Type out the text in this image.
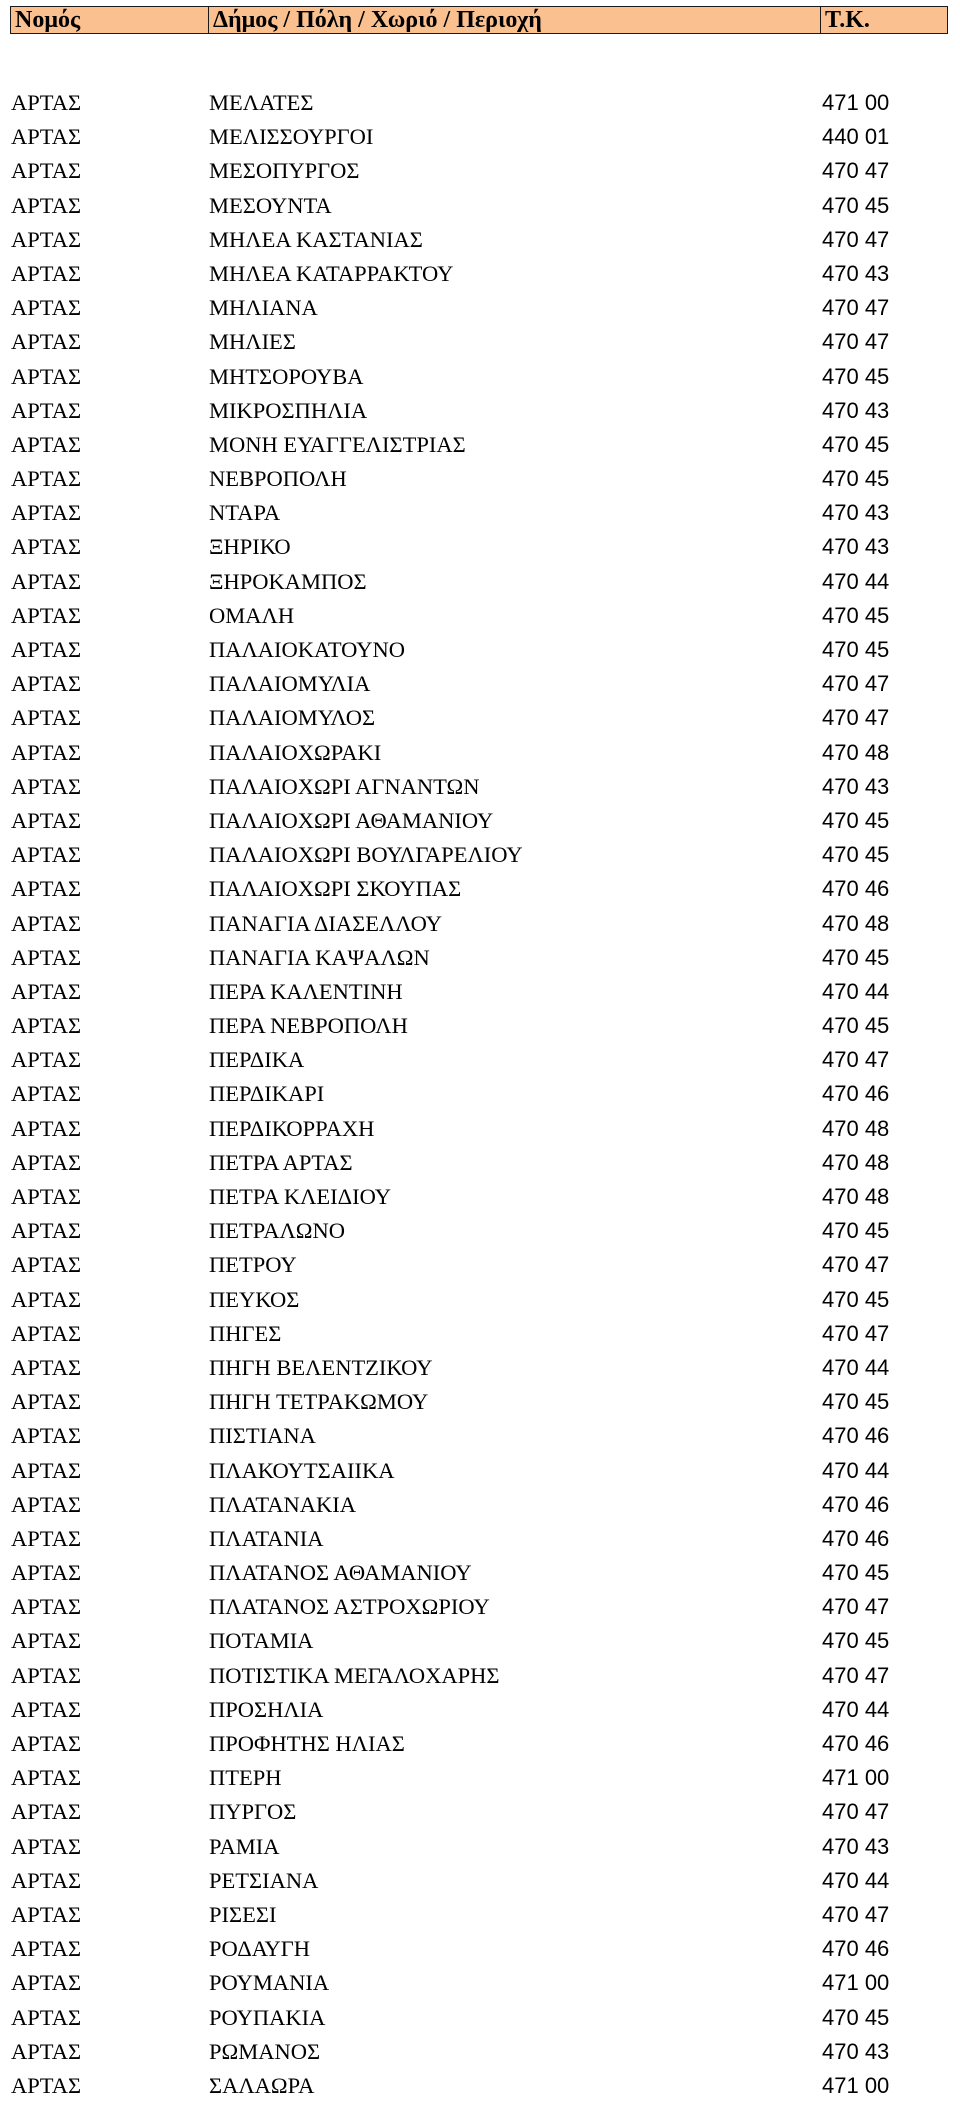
Νομός	Δήμος / Πόλη / Χωριό / Περιοχή	Τ.Κ.
ΑΡΤΑΣ	ΜΕΛΑΤΕΣ	471 00
ΑΡΤΑΣ	ΜΕΛΙΣΣΟΥΡΓΟΙ	440 01
ΑΡΤΑΣ	ΜΕΣΟΠΥΡΓΟΣ	470 47
ΑΡΤΑΣ	ΜΕΣΟΥΝΤΑ	470 45
ΑΡΤΑΣ	ΜΗΛΕΑ ΚΑΣΤΑΝΙΑΣ	470 47
ΑΡΤΑΣ	ΜΗΛΕΑ ΚΑΤΑΡΡΑΚΤΟΥ	470 43
ΑΡΤΑΣ	ΜΗΛΙΑΝΑ	470 47
ΑΡΤΑΣ	ΜΗΛΙΕΣ	470 47
ΑΡΤΑΣ	ΜΗΤΣΟΡΟΥΒΑ	470 45
ΑΡΤΑΣ	ΜΙΚΡΟΣΠΗΛΙΑ	470 43
ΑΡΤΑΣ	ΜΟΝΗ ΕΥΑΓΓΕΛΙΣΤΡΙΑΣ	470 45
ΑΡΤΑΣ	ΝΕΒΡΟΠΟΛΗ	470 45
ΑΡΤΑΣ	ΝΤΑΡΑ	470 43
ΑΡΤΑΣ	ΞΗΡΙΚΟ	470 43
ΑΡΤΑΣ	ΞΗΡΟΚΑΜΠΟΣ	470 44
ΑΡΤΑΣ	ΟΜΑΛΗ	470 45
ΑΡΤΑΣ	ΠΑΛΑΙΟΚΑΤΟΥΝΟ	470 45
ΑΡΤΑΣ	ΠΑΛΑΙΟΜΥΛΙΑ	470 47
ΑΡΤΑΣ	ΠΑΛΑΙΟΜΥΛΟΣ	470 47
ΑΡΤΑΣ	ΠΑΛΑΙΟΧΩΡΑΚΙ	470 48
ΑΡΤΑΣ	ΠΑΛΑΙΟΧΩΡΙ ΑΓΝΑΝΤΩΝ	470 43
ΑΡΤΑΣ	ΠΑΛΑΙΟΧΩΡΙ ΑΘΑΜΑΝΙΟΥ	470 45
ΑΡΤΑΣ	ΠΑΛΑΙΟΧΩΡΙ ΒΟΥΛΓΑΡΕΛΙΟΥ	470 45
ΑΡΤΑΣ	ΠΑΛΑΙΟΧΩΡΙ ΣΚΟΥΠΑΣ	470 46
ΑΡΤΑΣ	ΠΑΝΑΓΙΑ ΔΙΑΣΕΛΛΟΥ	470 48
ΑΡΤΑΣ	ΠΑΝΑΓΙΑ ΚΑΨΑΛΩΝ	470 45
ΑΡΤΑΣ	ΠΕΡΑ ΚΑΛΕΝΤΙΝΗ	470 44
ΑΡΤΑΣ	ΠΕΡΑ ΝΕΒΡΟΠΟΛΗ	470 45
ΑΡΤΑΣ	ΠΕΡΔΙΚΑ	470 47
ΑΡΤΑΣ	ΠΕΡΔΙΚΑΡΙ	470 46
ΑΡΤΑΣ	ΠΕΡΔΙΚΟΡΡΑΧΗ	470 48
ΑΡΤΑΣ	ΠΕΤΡΑ ΑΡΤΑΣ	470 48
ΑΡΤΑΣ	ΠΕΤΡΑ ΚΛΕΙΔΙΟΥ	470 48
ΑΡΤΑΣ	ΠΕΤΡΑΛΩΝΟ	470 45
ΑΡΤΑΣ	ΠΕΤΡΟΥ	470 47
ΑΡΤΑΣ	ΠΕΥΚΟΣ	470 45
ΑΡΤΑΣ	ΠΗΓΕΣ	470 47
ΑΡΤΑΣ	ΠΗΓΗ ΒΕΛΕΝΤΖΙΚΟΥ	470 44
ΑΡΤΑΣ	ΠΗΓΗ ΤΕΤΡΑΚΩΜΟΥ	470 45
ΑΡΤΑΣ	ΠΙΣΤΙΑΝΑ	470 46
ΑΡΤΑΣ	ΠΛΑΚΟΥΤΣΑΙΙΚΑ	470 44
ΑΡΤΑΣ	ΠΛΑΤΑΝΑΚΙΑ	470 46
ΑΡΤΑΣ	ΠΛΑΤΑΝΙΑ	470 46
ΑΡΤΑΣ	ΠΛΑΤΑΝΟΣ ΑΘΑΜΑΝΙΟΥ	470 45
ΑΡΤΑΣ	ΠΛΑΤΑΝΟΣ ΑΣΤΡΟΧΩΡΙΟΥ	470 47
ΑΡΤΑΣ	ΠΟΤΑΜΙΑ	470 45
ΑΡΤΑΣ	ΠΟΤΙΣΤΙΚΑ ΜΕΓΑΛΟΧΑΡΗΣ	470 47
ΑΡΤΑΣ	ΠΡΟΣΗΛΙΑ	470 44
ΑΡΤΑΣ	ΠΡΟΦΗΤΗΣ ΗΛΙΑΣ	470 46
ΑΡΤΑΣ	ΠΤΕΡΗ	471 00
ΑΡΤΑΣ	ΠΥΡΓΟΣ	470 47
ΑΡΤΑΣ	ΡΑΜΙΑ	470 43
ΑΡΤΑΣ	ΡΕΤΣΙΑΝΑ	470 44
ΑΡΤΑΣ	ΡΙΣΕΣΙ	470 47
ΑΡΤΑΣ	ΡΟΔΑΥΓΗ	470 46
ΑΡΤΑΣ	ΡΟΥΜΑΝΙΑ	471 00
ΑΡΤΑΣ	ΡΟΥΠΑΚΙΑ	470 45
ΑΡΤΑΣ	ΡΩΜΑΝΟΣ	470 43
ΑΡΤΑΣ	ΣΑΛΑΩΡΑ	471 00
